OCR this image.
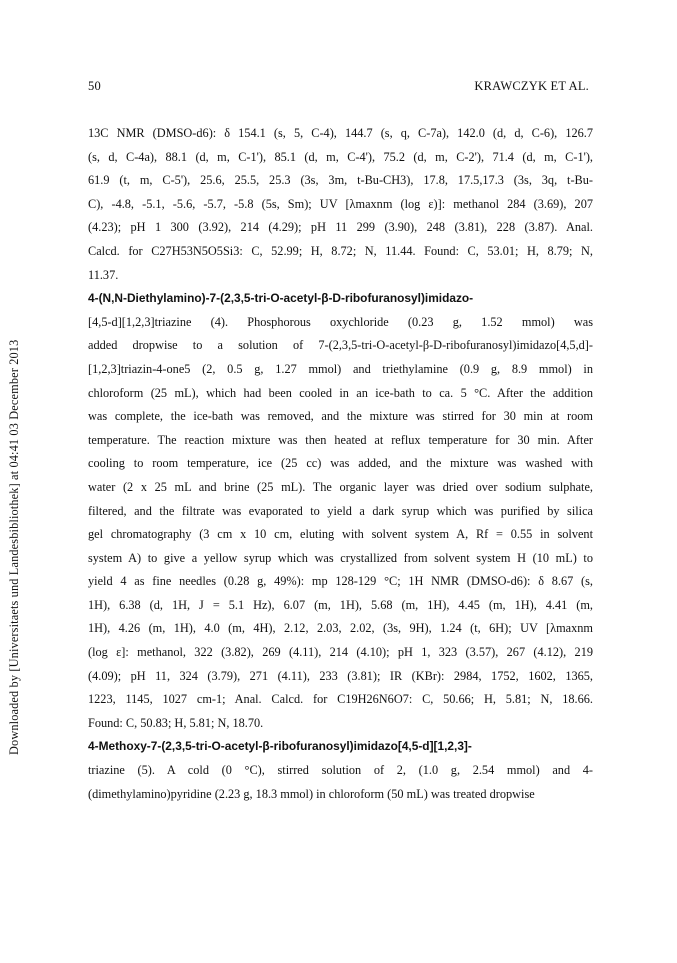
50	KRAWCZYK ET AL.
Downloaded by [Universitaets und Landesbibliothek] at 04:41 03 December 2013
13C NMR (DMSO-d6): δ 154.1 (s, 5, C-4), 144.7 (s, q, C-7a), 142.0 (d, d, C-6), 126.7
(s, d, C-4a), 88.1 (d, m, C-1'), 85.1 (d, m, C-4'), 75.2 (d, m, C-2'), 71.4 (d, m, C-1'),
61.9 (t, m, C-5'), 25.6, 25.5, 25.3 (3s, 3m, t-Bu-CH3), 17.8, 17.5,17.3 (3s, 3q, t-Bu-
C), -4.8, -5.1, -5.6, -5.7, -5.8 (5s, Sm); UV [λmaxnm (log ε)]: methanol 284 (3.69), 207
(4.23); pH 1 300 (3.92), 214 (4.29); pH 11 299 (3.90), 248 (3.81), 228 (3.87). Anal.
Calcd. for C27H53N5O5Si3: C, 52.99; H, 8.72; N, 11.44. Found: C, 53.01; H, 8.79; N,
11.37.
4-(N,N-Diethylamino)-7-(2,3,5-tri-O-acetyl-β-D-ribofuranosyl)imidazo-
[4,5-d][1,2,3]triazine (4). Phosphorous oxychloride (0.23 g, 1.52 mmol) was
added dropwise to a solution of 7-(2,3,5-tri-O-acetyl-β-D-ribofuranosyl)imidazo[4,5,d]-
[1,2,3]triazin-4-one5 (2, 0.5 g, 1.27 mmol) and triethylamine (0.9 g, 8.9 mmol) in
chloroform (25 mL), which had been cooled in an ice-bath to ca. 5 °C. After the addition
was complete, the ice-bath was removed, and the mixture was stirred for 30 min at room
temperature. The reaction mixture was then heated at reflux temperature for 30 min. After
cooling to room temperature, ice (25 cc) was added, and the mixture was washed with
water (2 x 25 mL and brine (25 mL). The organic layer was dried over sodium sulphate,
filtered, and the filtrate was evaporated to yield a dark syrup which was purified by silica
gel chromatography (3 cm x 10 cm, eluting with solvent system A, Rf = 0.55 in solvent
system A) to give a yellow syrup which was crystallized from solvent system H (10 mL) to
yield 4 as fine needles (0.28 g, 49%): mp 128-129 °C; 1H NMR (DMSO-d6): δ 8.67 (s,
1H), 6.38 (d, 1H, J = 5.1 Hz), 6.07 (m, 1H), 5.68 (m, 1H), 4.45 (m, 1H), 4.41 (m,
1H), 4.26 (m, 1H), 4.0 (m, 4H), 2.12, 2.03, 2.02, (3s, 9H), 1.24 (t, 6H); UV [λmaxnm
(log ε]: methanol, 322 (3.82), 269 (4.11), 214 (4.10); pH 1, 323 (3.57), 267 (4.12), 219
(4.09); pH 11, 324 (3.79), 271 (4.11), 233 (3.81); IR (KBr): 2984, 1752, 1602, 1365,
1223, 1145, 1027 cm-1; Anal. Calcd. for C19H26N6O7: C, 50.66; H, 5.81; N, 18.66.
Found: C, 50.83; H, 5.81; N, 18.70.
4-Methoxy-7-(2,3,5-tri-O-acetyl-β-ribofuranosyl)imidazo[4,5-d][1,2,3]-
triazine (5). A cold (0 °C), stirred solution of 2, (1.0 g, 2.54 mmol) and 4-
(dimethylamino)pyridine (2.23 g, 18.3 mmol) in chloroform (50 mL) was treated dropwise
